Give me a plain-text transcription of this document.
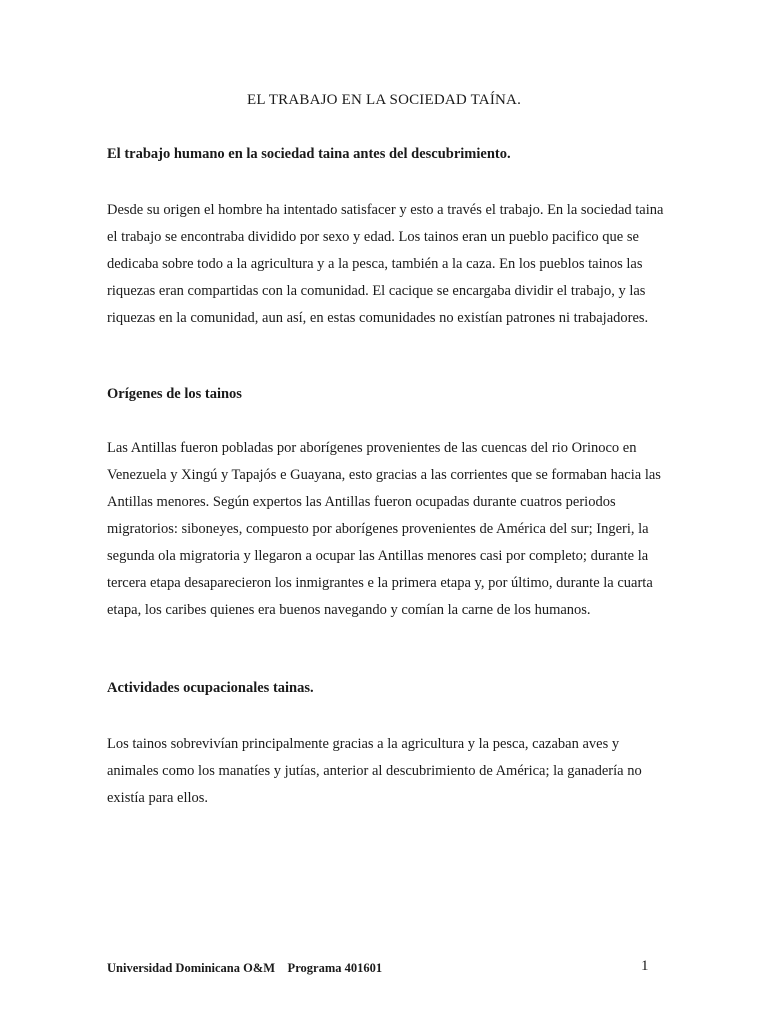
EL TRABAJO EN LA SOCIEDAD TAÍNA.

El trabajo humano en la sociedad taina antes del descubrimiento.

Desde su origen el hombre ha intentado satisfacer y esto a través el trabajo. En la sociedad taina el trabajo se encontraba dividido por sexo y edad. Los tainos eran un pueblo pacifico que se dedicaba sobre todo a la agricultura y a la pesca, también a la caza. En los pueblos tainos las riquezas eran compartidas con la comunidad. El cacique se encargaba dividir el trabajo, y las riquezas en la comunidad, aun así, en estas comunidades no existían patrones ni trabajadores.

Orígenes de los tainos

Las Antillas fueron pobladas por aborígenes provenientes de las cuencas del rio Orinoco en Venezuela y Xingú y Tapajós e Guayana, esto gracias a las corrientes que se formaban hacia las Antillas menores. Según expertos las Antillas fueron ocupadas durante cuatros periodos migratorios: siboneyes, compuesto por aborígenes provenientes de América del sur; Ingeri, la segunda ola migratoria y llegaron a ocupar las Antillas menores casi por completo; durante la tercera etapa desaparecieron los inmigrantes e la primera etapa y, por último, durante la cuarta etapa, los caribes quienes era buenos navegando y comían la carne de los humanos.

Actividades ocupacionales tainas.

Los tainos sobrevivían principalmente gracias a la agricultura y la pesca, cazaban aves y animales como los manatíes y jutías, anterior al descubrimiento de América; la ganadería no existía para ellos.

Universidad Dominicana O&M    Programa 401601	1
